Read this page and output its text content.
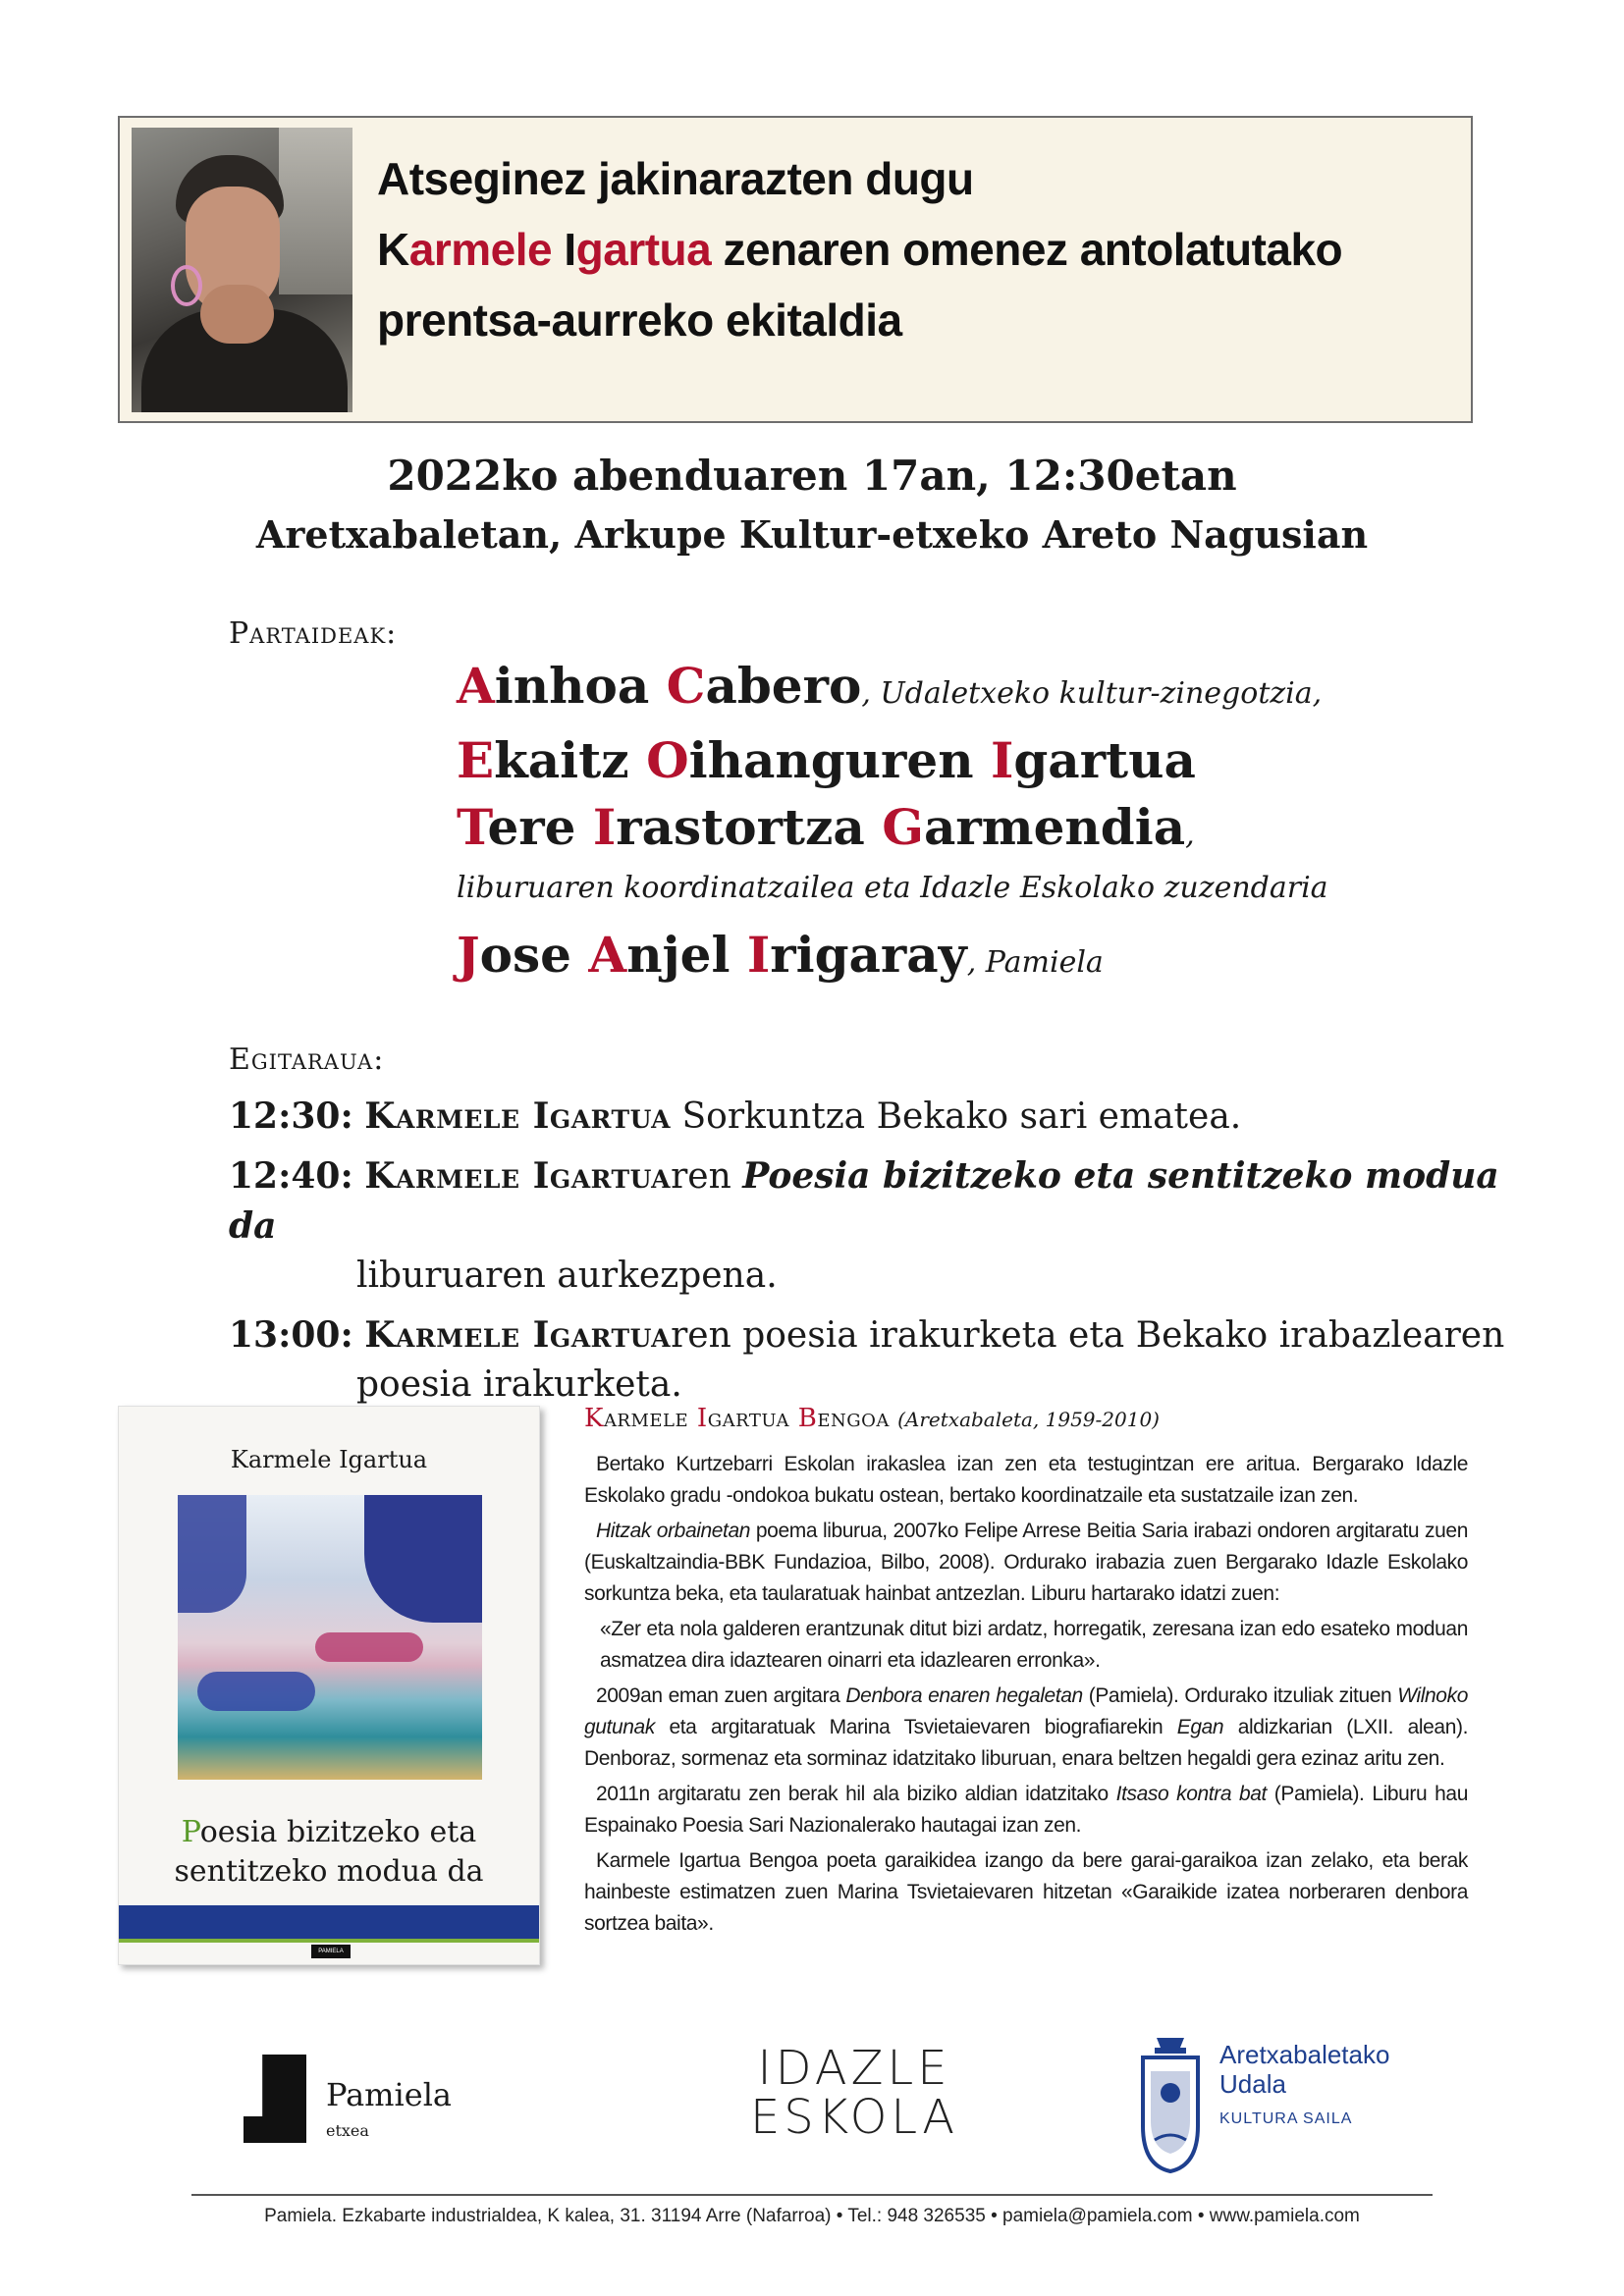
Atseginez jakinarazten dugu
Karmele Igartua zenaren omenez antolatutako
prentsa-aurreko ekitaldia
2022ko abenduaren 17an, 12:30etan
Aretxabaletan, Arkupe Kultur-etxeko Areto Nagusian
Partaideak:
Ainhoa Cabero, Udaletxeko kultur-zinegotzia,
Ekaitz Oihanguren Igartua
Tere Irastortza Garmendia,
liburuaren koordinatzailea eta Idazle Eskolako zuzendaria
Jose Anjel Irigaray, Pamiela
Egitaraua:
12:30: Karmele Igartua Sorkuntza Bekako sari ematea.
12:40: Karmele Igartuaren Poesia bizitzeko eta sentitzeko modua da
liburuaren aurkezpena.
13:00: Karmele Igartuaren poesia irakurketa eta Bekako irabazlearen
poesia irakurketa.
Karmele Igartua
Poesia bizitzeko eta
sentitzeko modua da
PAMIELA
Karmele Igartua Bengoa (Aretxabaleta, 1959-2010)

Bertako Kurtzebarri Eskolan irakaslea izan zen eta testugintzan ere aritua. Bergarako Idazle Eskolako gradu -ondokoa bukatu ostean, bertako koordinatzaile eta sustatzaile izan zen.

Hitzak orbainetan poema liburua, 2007ko Felipe Arrese Beitia Saria irabazi ondoren argitaratu zuen (Euskaltzaindia-BBK Fundazioa, Bilbo, 2008). Ordurako irabazia zuen Bergarako Idazle Eskolako sorkuntza beka, eta taularatuak hainbat antzezlan. Liburu hartarako idatzi zuen:

«Zer eta nola galderen erantzunak ditut bizi ardatz, horregatik, zeresana izan edo esateko moduan asmatzea dira idaztearen oinarri eta idazlearen erronka».

2009an eman zuen argitara Denbora enaren hegaletan (Pamiela). Ordurako itzuliak zituen Wilnoko gutunak eta argitaratuak Marina Tsvietaievaren biografiarekin Egan aldizkarian (LXII. alean). Denboraz, sormenaz eta sorminaz idatzitako liburuan, enara beltzen hegaldi gera ezinaz aritu zen.

2011n argitaratu zen berak hil ala biziko aldian idatzitako Itsaso kontra bat (Pamiela). Liburu hau Espainako Poesia Sari Nazionalerako hautagai izan zen.

Karmele Igartua Bengoa poeta garaikidea izango da bere garai-garaikoa izan zelako, eta berak hainbeste estimatzen zuen Marina Tsvietaievaren hitzetan «Garaikide izatea norberaren denbora sortzea baita».

Pamiela
etxea
IDAZLE
ESKOLA
Aretxabaletako
Udala
KULTURA SAILA
Pamiela. Ezkabarte industrialdea, K kalea, 31. 31194 Arre (Nafarroa) • Tel.: 948 326535 • pamiela@pamiela.com • www.pamiela.com
